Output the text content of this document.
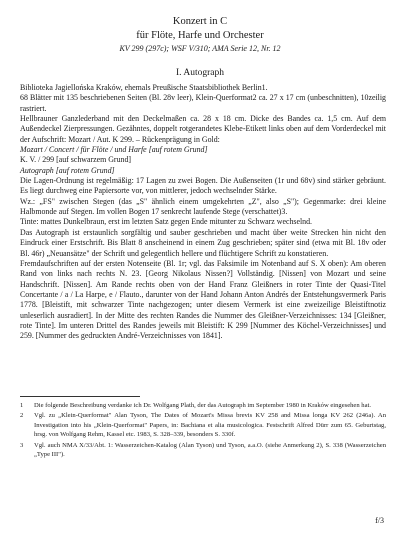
Konzert in C
für Flöte, Harfe und Orchester
KV 299 (297c); WSF V/310; AMA Serie 12, Nr. 12
I. Autograph

Biblioteka Jagiellońska Kraków, ehemals Preußische Staatsbibliothek Berlin1.

68 Blätter mit 135 beschriebenen Seiten (Bl. 28v leer), Klein-Querformat2 ca. 27 x 17 cm (unbeschnitten), 10zeilig rastriert.

Hellbrauner Ganzlederband mit den Deckelmaßen ca. 28 x 18 cm. Dicke des Bandes ca. 1,5 cm. Auf dem Außendeckel Zierpressungen. Gezähntes, doppelt rotgerandetes Klebe-Etikett links oben auf dem Vorderdeckel mit der Aufschrift: Mozart / Aut. K 299. – Rückenprägung in Gold:

Mozart / Concert / für Flöte / und Harfe [auf rotem Grund]

K. V. / 299 [auf schwarzem Grund]

Autograph [auf rotem Grund]

Die Lagen-Ordnung ist regelmäßig: 17 Lagen zu zwei Bogen. Die Außenseiten (1r und 68v) sind stärker gebräunt. Es liegt durchweg eine Papiersorte vor, von mittlerer, jedoch wechselnder Stärke.

Wz.: „FS" zwischen Stegen (das „S" ähnlich einem umgekehrten „Z", also „S"); Gegenmarke: drei kleine Halbmonde auf Stegen. Im vollen Bogen 17 senkrecht laufende Stege (verschattet)3.

Tinte: mattes Dunkelbraun, erst im letzten Satz gegen Ende mitunter zu Schwarz wechselnd.

Das Autograph ist erstaunlich sorgfältig und sauber geschrieben und macht über weite Strecken hin nicht den Eindruck einer Erstschrift. Bis Blatt 8 anscheinend in einem Zug geschrieben; später sind (etwa mit Bl. 18v oder Bl. 46r) „Neuansätze" der Schrift und gelegentlich hellere und flüchtigere Schrift zu konstatieren.

Fremdaufschriften auf der ersten Notenseite (Bl. 1r; vgl. das Faksimile im Notenband auf S. X oben): Am oberen Rand von links nach rechts N. 23. [Georg Nikolaus Nissen?] Vollständig. [Nissen] von Mozart und seine Handschrift. [Nissen]. Am Rande rechts oben von der Hand Franz Gleißners in roter Tinte der Quasi-Titel Concertante / a / La Harpe, e / Flauto., darunter von der Hand Johann Anton Andrés der Entstehungsvermerk Paris 1778. [Bleistift, mit schwarzer Tinte nachgezogen; unter diesem Vermerk ist eine zweizeilige Bleistiftnotiz unleserlich ausradiert]. In der Mitte des rechten Randes die Nummer des Gleißner-Verzeichnisses: 134 [Gleißner, rote Tinte]. Im unteren Drittel des Randes jeweils mit Bleistift: K 299 [Nummer des Köchel-Verzeichnisses] und 259. [Nummer des gedruckten André-Verzeichnisses von 1841].

1	Die folgende Beschreibung verdanke ich Dr. Wolfgang Plath, der das Autograph im September 1980 in Kraków eingesehen hat.
2	Vgl. zu „Klein-Querformat" Alan Tyson, The Dates of Mozart's Missa brevis KV 258 and Missa longa KV 262 (246a). An Investigation into his „Klein-Querformat" Papers, in: Bachiana et alia musicologica. Festschrift Alfred Dürr zum 65. Geburtstag, hrsg. von Wolfgang Rehm, Kassel etc. 1983, S. 328–339, besonders S. 330f.
3	Vgl. auch NMA X/33/Abt. 1: Wasserzeichen-Katalog (Alan Tyson) und Tyson, a.a.O. (siehe Anmerkung 2), S. 338 (Wasserzeichen „Type III").
f/3
